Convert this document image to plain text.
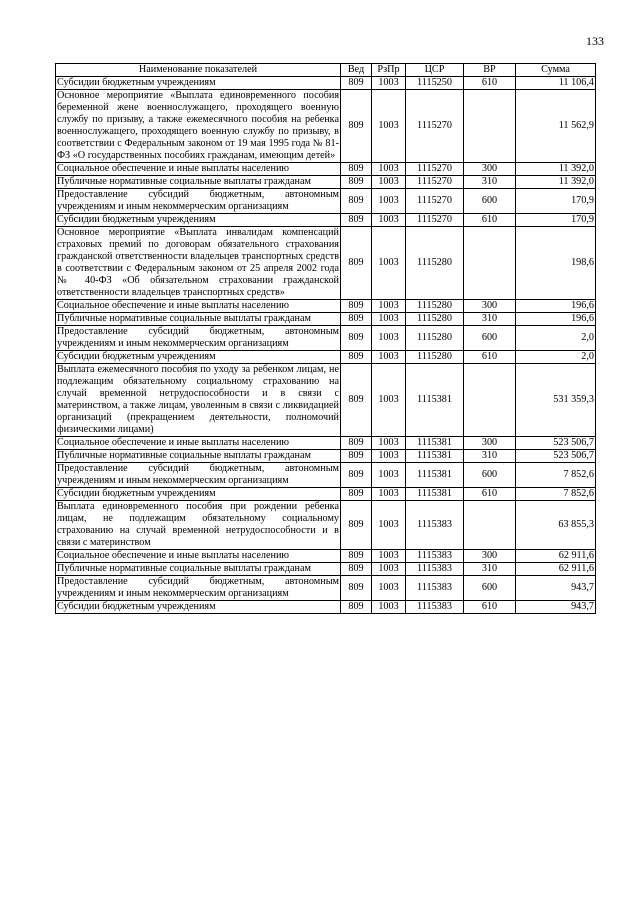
133
Наименование показателей	Вед	РзПр	ЦСР	ВР	Сумма
Субсидии бюджетным учреждениям	809	1003	1115250	610	11 106,4
Основное мероприятие «Выплата единовременного пособия беременной жене военнослужащего, проходящего военную службу по призыву, а также ежемесячного пособия на ребенка военнослужащего, проходящего военную службу по призыву, в соответствии с Федеральным законом от 19 мая 1995 года № 81-ФЗ «О государственных пособиях гражданам, имеющим детей»	809	1003	1115270		11 562,9
Социальное обеспечение и иные выплаты населению	809	1003	1115270	300	11 392,0
Публичные нормативные социальные выплаты гражданам	809	1003	1115270	310	11 392,0
Предоставление субсидий бюджетным, автономным учреждениям и иным некоммерческим организациям	809	1003	1115270	600	170,9
Субсидии бюджетным учреждениям	809	1003	1115270	610	170,9
Основное мероприятие «Выплата инвалидам компенсаций страховых премий по договорам обязательного страхования гражданской ответственности владельцев транспортных средств в соответствии с Федеральным законом от 25 апреля 2002 года № 40-ФЗ «Об обязательном страховании гражданской ответственности владельцев транспортных средств»	809	1003	1115280		198,6
Социальное обеспечение и иные выплаты населению	809	1003	1115280	300	196,6
Публичные нормативные социальные выплаты гражданам	809	1003	1115280	310	196,6
Предоставление субсидий бюджетным, автономным учреждениям и иным некоммерческим организациям	809	1003	1115280	600	2,0
Субсидии бюджетным учреждениям	809	1003	1115280	610	2,0
Выплата ежемесячного пособия по уходу за ребенком лицам, не подлежащим обязательному социальному страхованию на случай временной нетрудоспособности и в связи с материнством, а также лицам, уволенным в связи с ликвидацией организаций (прекращением деятельности, полномочий физическими лицами)	809	1003	1115381		531 359,3
Социальное обеспечение и иные выплаты населению	809	1003	1115381	300	523 506,7
Публичные нормативные социальные выплаты гражданам	809	1003	1115381	310	523 506,7
Предоставление субсидий бюджетным, автономным учреждениям и иным некоммерческим организациям	809	1003	1115381	600	7 852,6
Субсидии бюджетным учреждениям	809	1003	1115381	610	7 852,6
Выплата единовременного пособия при рождении ребенка лицам, не подлежащим обязательному социальному страхованию на случай временной нетрудоспособности и в связи с материнством	809	1003	1115383		63 855,3
Социальное обеспечение и иные выплаты населению	809	1003	1115383	300	62 911,6
Публичные нормативные социальные выплаты гражданам	809	1003	1115383	310	62 911,6
Предоставление субсидий бюджетным, автономным учреждениям и иным некоммерческим организациям	809	1003	1115383	600	943,7
Субсидии бюджетным учреждениям	809	1003	1115383	610	943,7
